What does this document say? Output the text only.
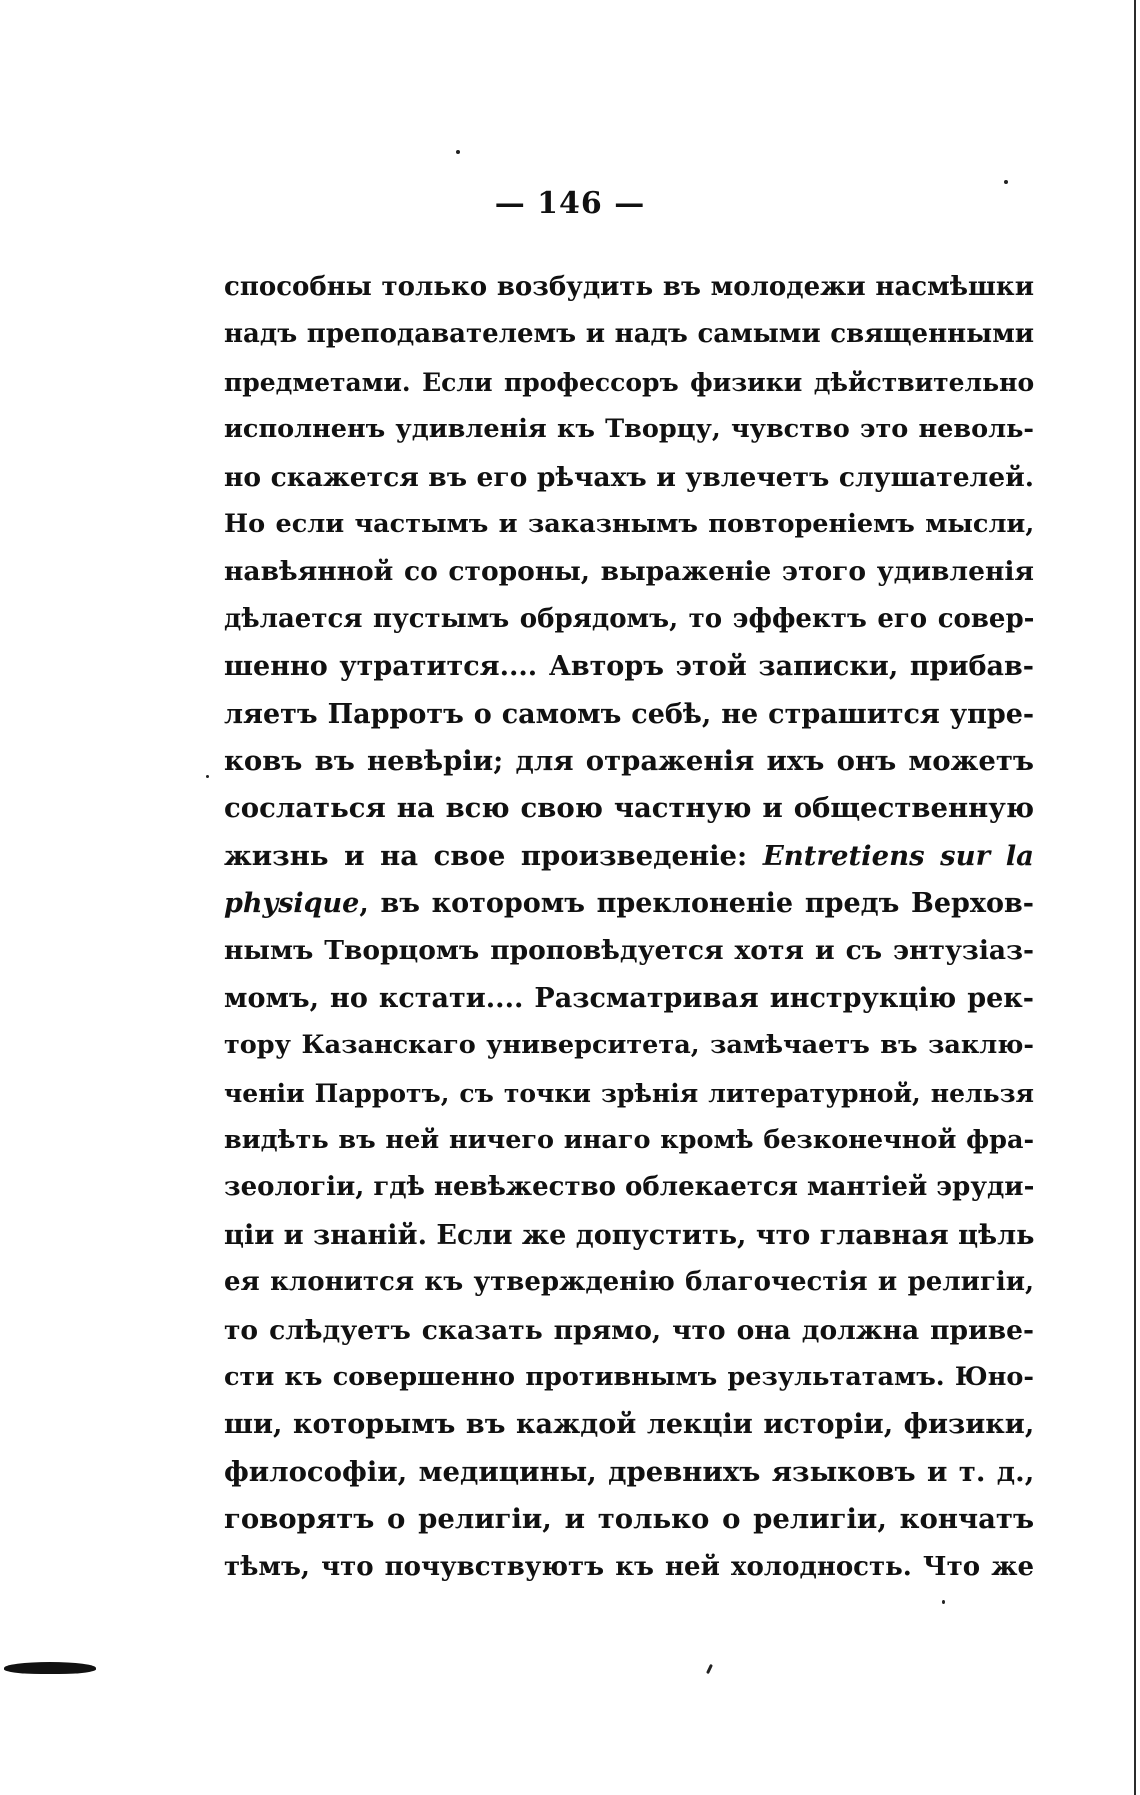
— 146 —
способны только возбудить въ молодежи насмѣшки
надъ преподавателемъ и надъ самыми священными
предметами. Если профессоръ физики дѣйствительно
исполненъ удивленія къ Творцу, чувство это неволь-
но скажется въ его рѣчахъ и увлечетъ слушателей.
Но если частымъ и заказнымъ повтореніемъ мысли,
навѣянной со стороны, выраженіе этого удивленія
дѣлается пустымъ обрядомъ, то эффектъ его совер-
шенно утратится.... Авторъ этой записки, прибав-
ляетъ Парротъ о самомъ себѣ, не страшится упре-
ковъ въ невѣріи; для отраженія ихъ онъ можетъ
сослаться на всю свою частную и общественную
жизнь и на свое произведеніе: Entretiens sur la
physique, въ которомъ преклоненіе предъ Верхов-
нымъ Творцомъ проповѣдуется хотя и съ энтузіаз-
момъ, но кстати.... Разсматривая инструкцію рек-
тору Казанскаго университета, замѣчаетъ въ заклю-
ченіи Парротъ, съ точки зрѣнія литературной, нельзя
видѣть въ ней ничего инаго кромѣ безконечной фра-
зеологіи, гдѣ невѣжество облекается мантіей эруди-
ціи и знаній. Если же допустить, что главная цѣль
ея клонится къ утвержденію благочестія и религіи,
то слѣдуетъ сказать прямо, что она должна приве-
сти къ совершенно противнымъ результатамъ. Юно-
ши, которымъ въ каждой лекціи исторіи, физики,
философіи, медицины, древнихъ языковъ и т. д.,
говорятъ о религіи, и только о религіи, кончатъ
тѣмъ, что почувствуютъ къ ней холодность. Что же
